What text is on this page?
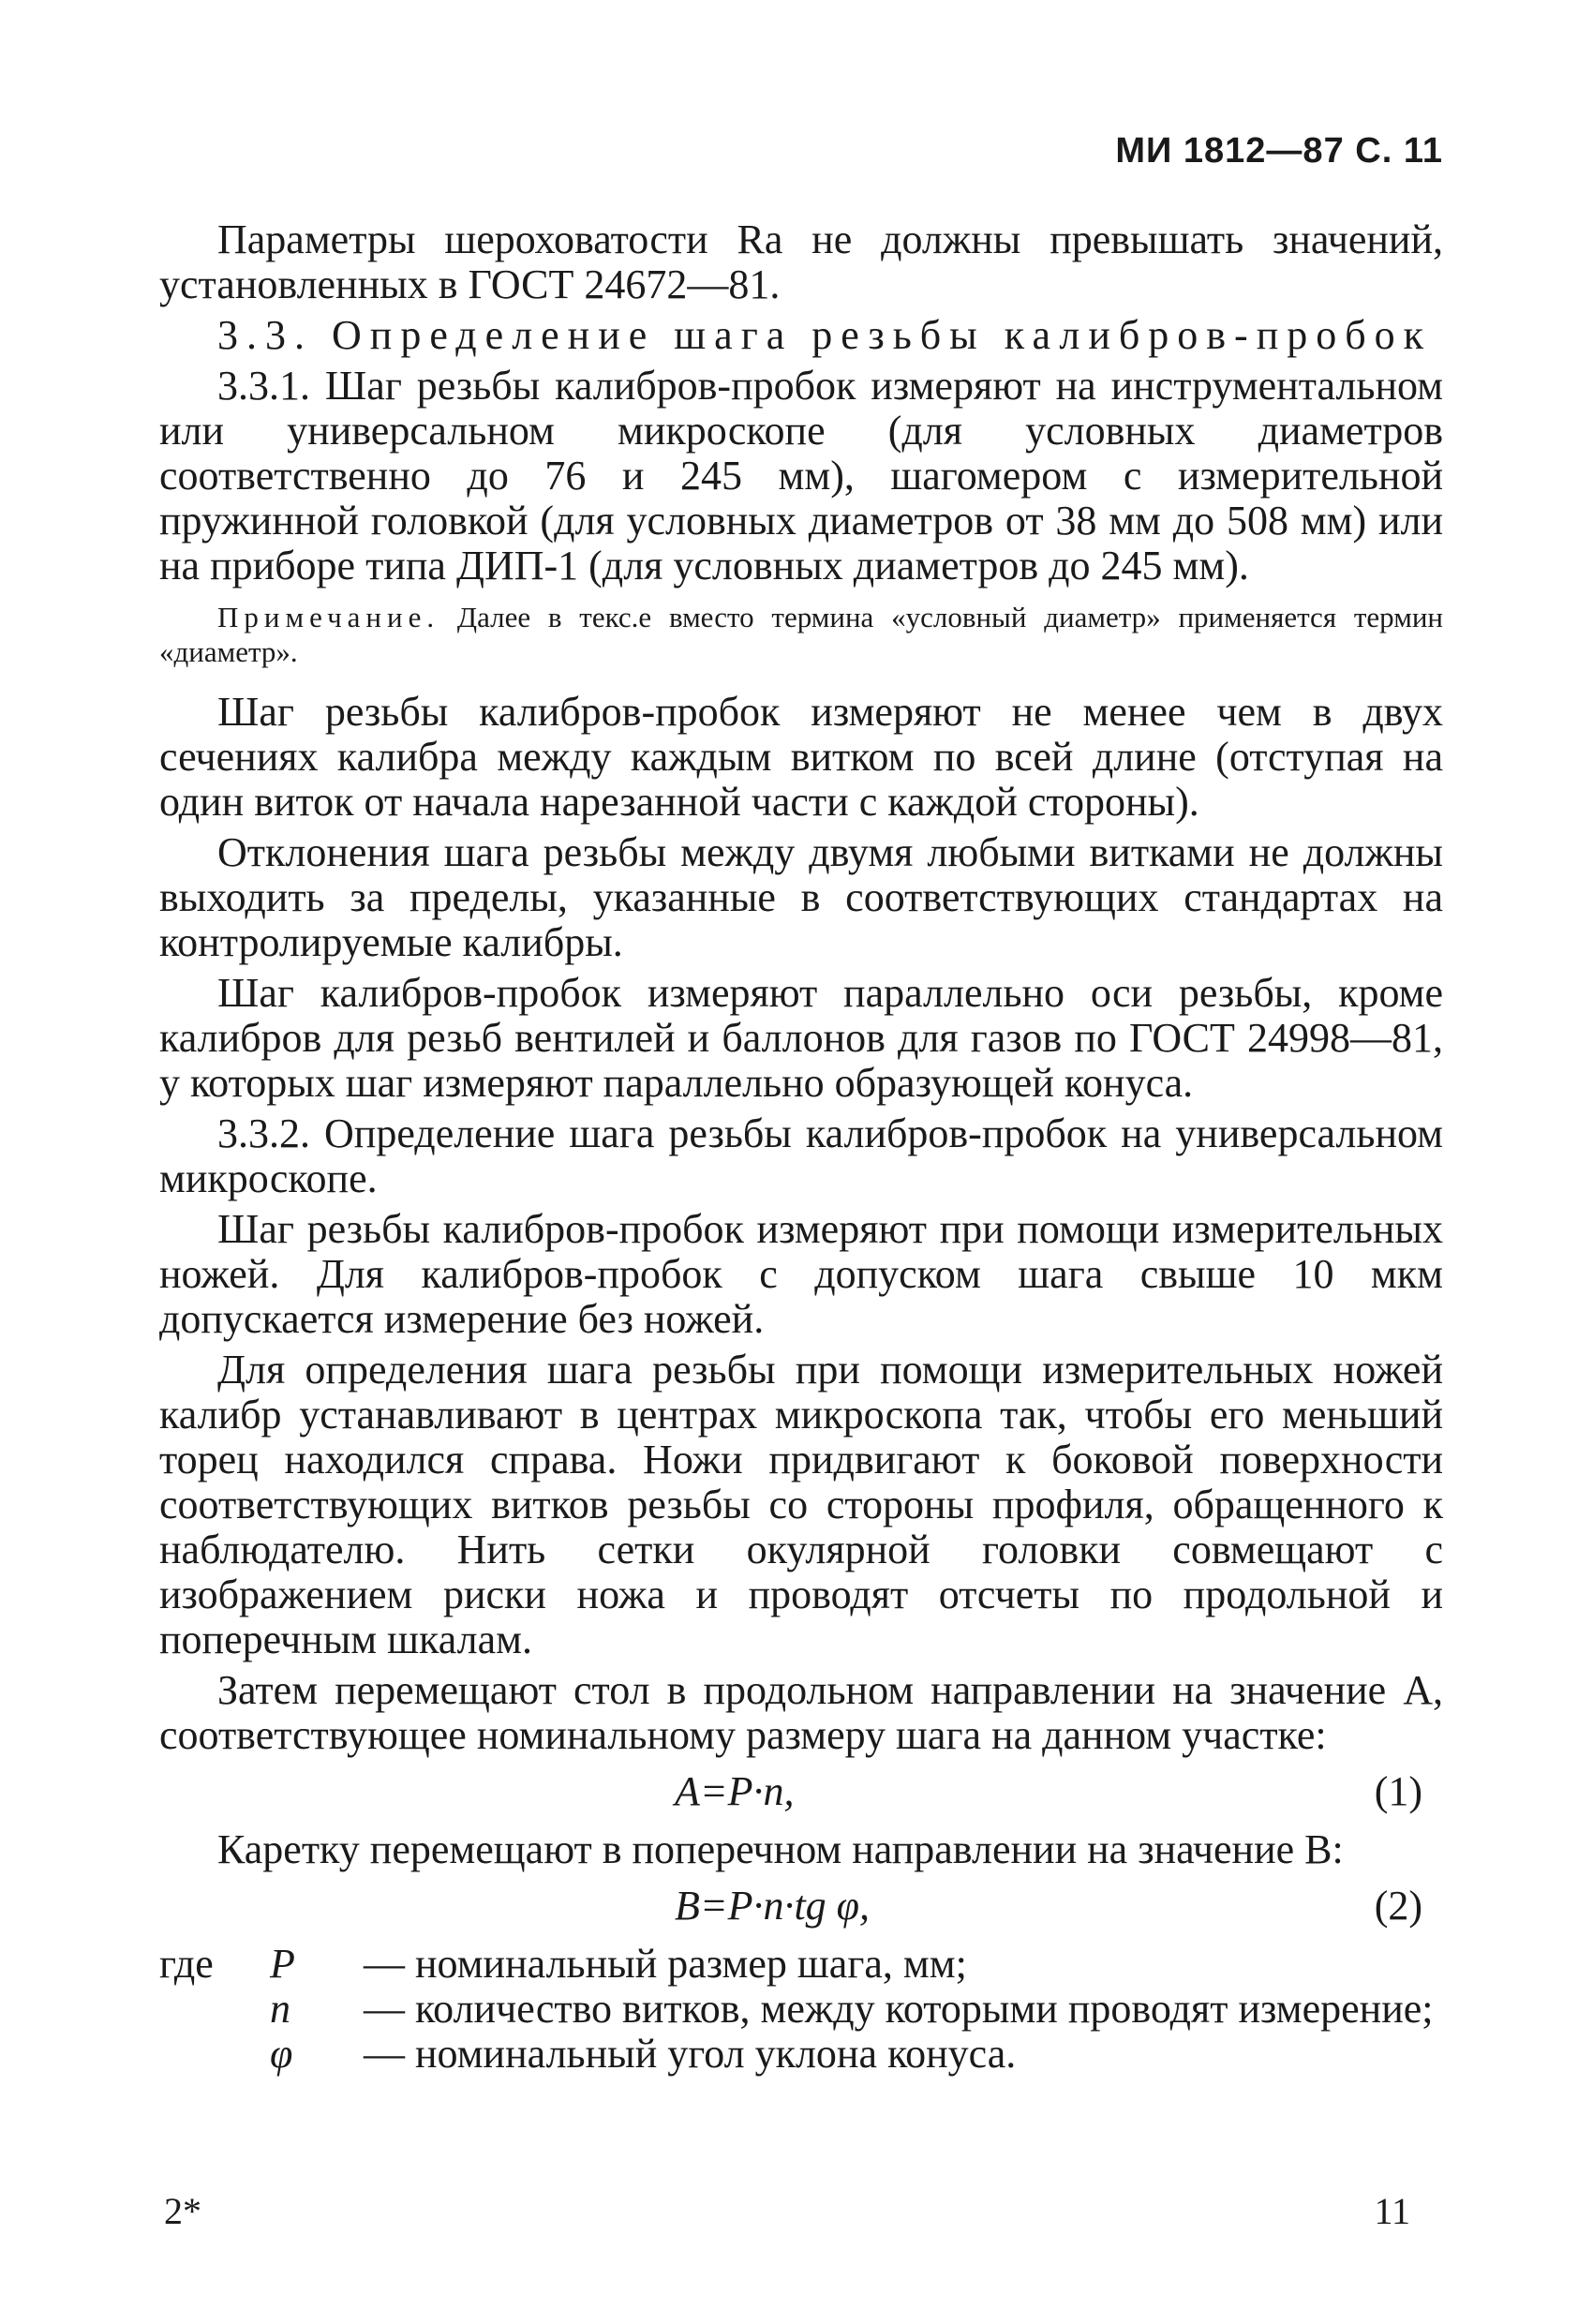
МИ 1812—87 С. 11

Параметры шероховатости Ra не должны превышать значений, установленных в ГОСТ 24672—81.

3.3. Определение шага резьбы калибров-пробок

3.3.1. Шаг резьбы калибров-пробок измеряют на инструментальном или универсальном микроскопе (для условных диаметров соответственно до 76 и 245 мм), шагомером с измерительной пружинной головкой (для условных диаметров от 38 мм до 508 мм) или на приборе типа ДИП-1 (для условных диаметров до 245 мм).

Примечание. Далее в текс.е вместо термина «условный диаметр» применяется термин «диаметр».

Шаг резьбы калибров-пробок измеряют не менее чем в двух сечениях калибра между каждым витком по всей длине (отступая на один виток от начала нарезанной части с каждой стороны).

Отклонения шага резьбы между двумя любыми витками не должны выходить за пределы, указанные в соответствующих стандартах на контролируемые калибры.

Шаг калибров-пробок измеряют параллельно оси резьбы, кроме калибров для резьб вентилей и баллонов для газов по ГОСТ 24998—81, у которых шаг измеряют параллельно образующей конуса.

3.3.2. Определение шага резьбы калибров-пробок на универсальном микроскопе.

Шаг резьбы калибров-пробок измеряют при помощи измерительных ножей. Для калибров-пробок с допуском шага свыше 10 мкм допускается измерение без ножей.

Для определения шага резьбы при помощи измерительных ножей калибр устанавливают в центрах микроскопа так, чтобы его меньший торец находился справа. Ножи придвигают к боковой поверхности соответствующих витков резьбы со стороны профиля, обращенного к наблюдателю. Нить сетки окулярной головки совмещают с изображением риски ножа и проводят отсчеты по продольной и поперечным шкалам.

Затем перемещают стол в продольном направлении на значение А, соответствующее номинальному размеру шага на данном участке:

A=P·n,	(1)

Каретку перемещают в поперечном направлении на значение В:

B=P·n·tg φ,	(2)
где	P	— номинальный размер шага, мм;
n	— количество витков, между которыми проводят измерение;
φ	— номинальный угол уклона конуса.
2*	11
